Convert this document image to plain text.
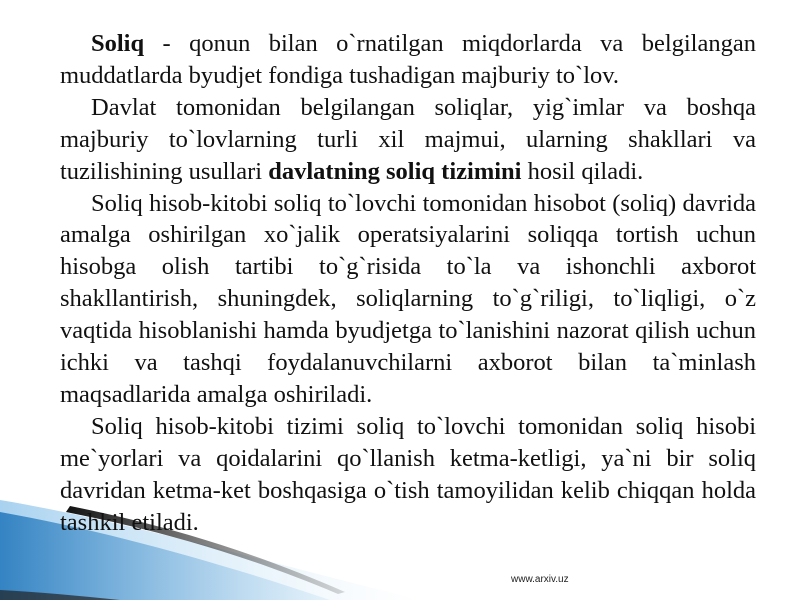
Soliq - qonun bilan o`rnatilgan miqdorlarda va belgilangan muddatlarda byudjet fondiga tushadigan majburiy to`lov.

Davlat tomonidan belgilangan soliqlar, yig`imlar va boshqa majburiy to`lovlarning turli xil majmui, ularning shakllari va tuzilishining usullari davlatning soliq tizimini hosil qiladi.

Soliq hisob-kitobi soliq to`lovchi tomonidan hisobot (soliq) davrida amalga oshirilgan xo`jalik operatsiyalarini soliqqa tortish uchun hisobga olish tartibi to`g`risida to`la va ishonchli axborot shakllantirish, shuningdek, soliqlarning to`g`riligi, to`liqligi, o`z vaqtida hisoblanishi hamda byudjetga to`lanishini nazorat qilish uchun ichki va tashqi foydalanuvchilarni axborot bilan ta`minlash maqsadlarida amalga oshiriladi.

Soliq hisob-kitobi tizimi soliq to`lovchi tomonidan soliq hisobi me`yorlari va qoidalarini qo`llanish ketma-ketligi, ya`ni bir soliq davridan ketma-ket boshqasiga o`tish tamoyilidan kelib chiqqan holda tashkil etiladi.

www.arxiv.uz
